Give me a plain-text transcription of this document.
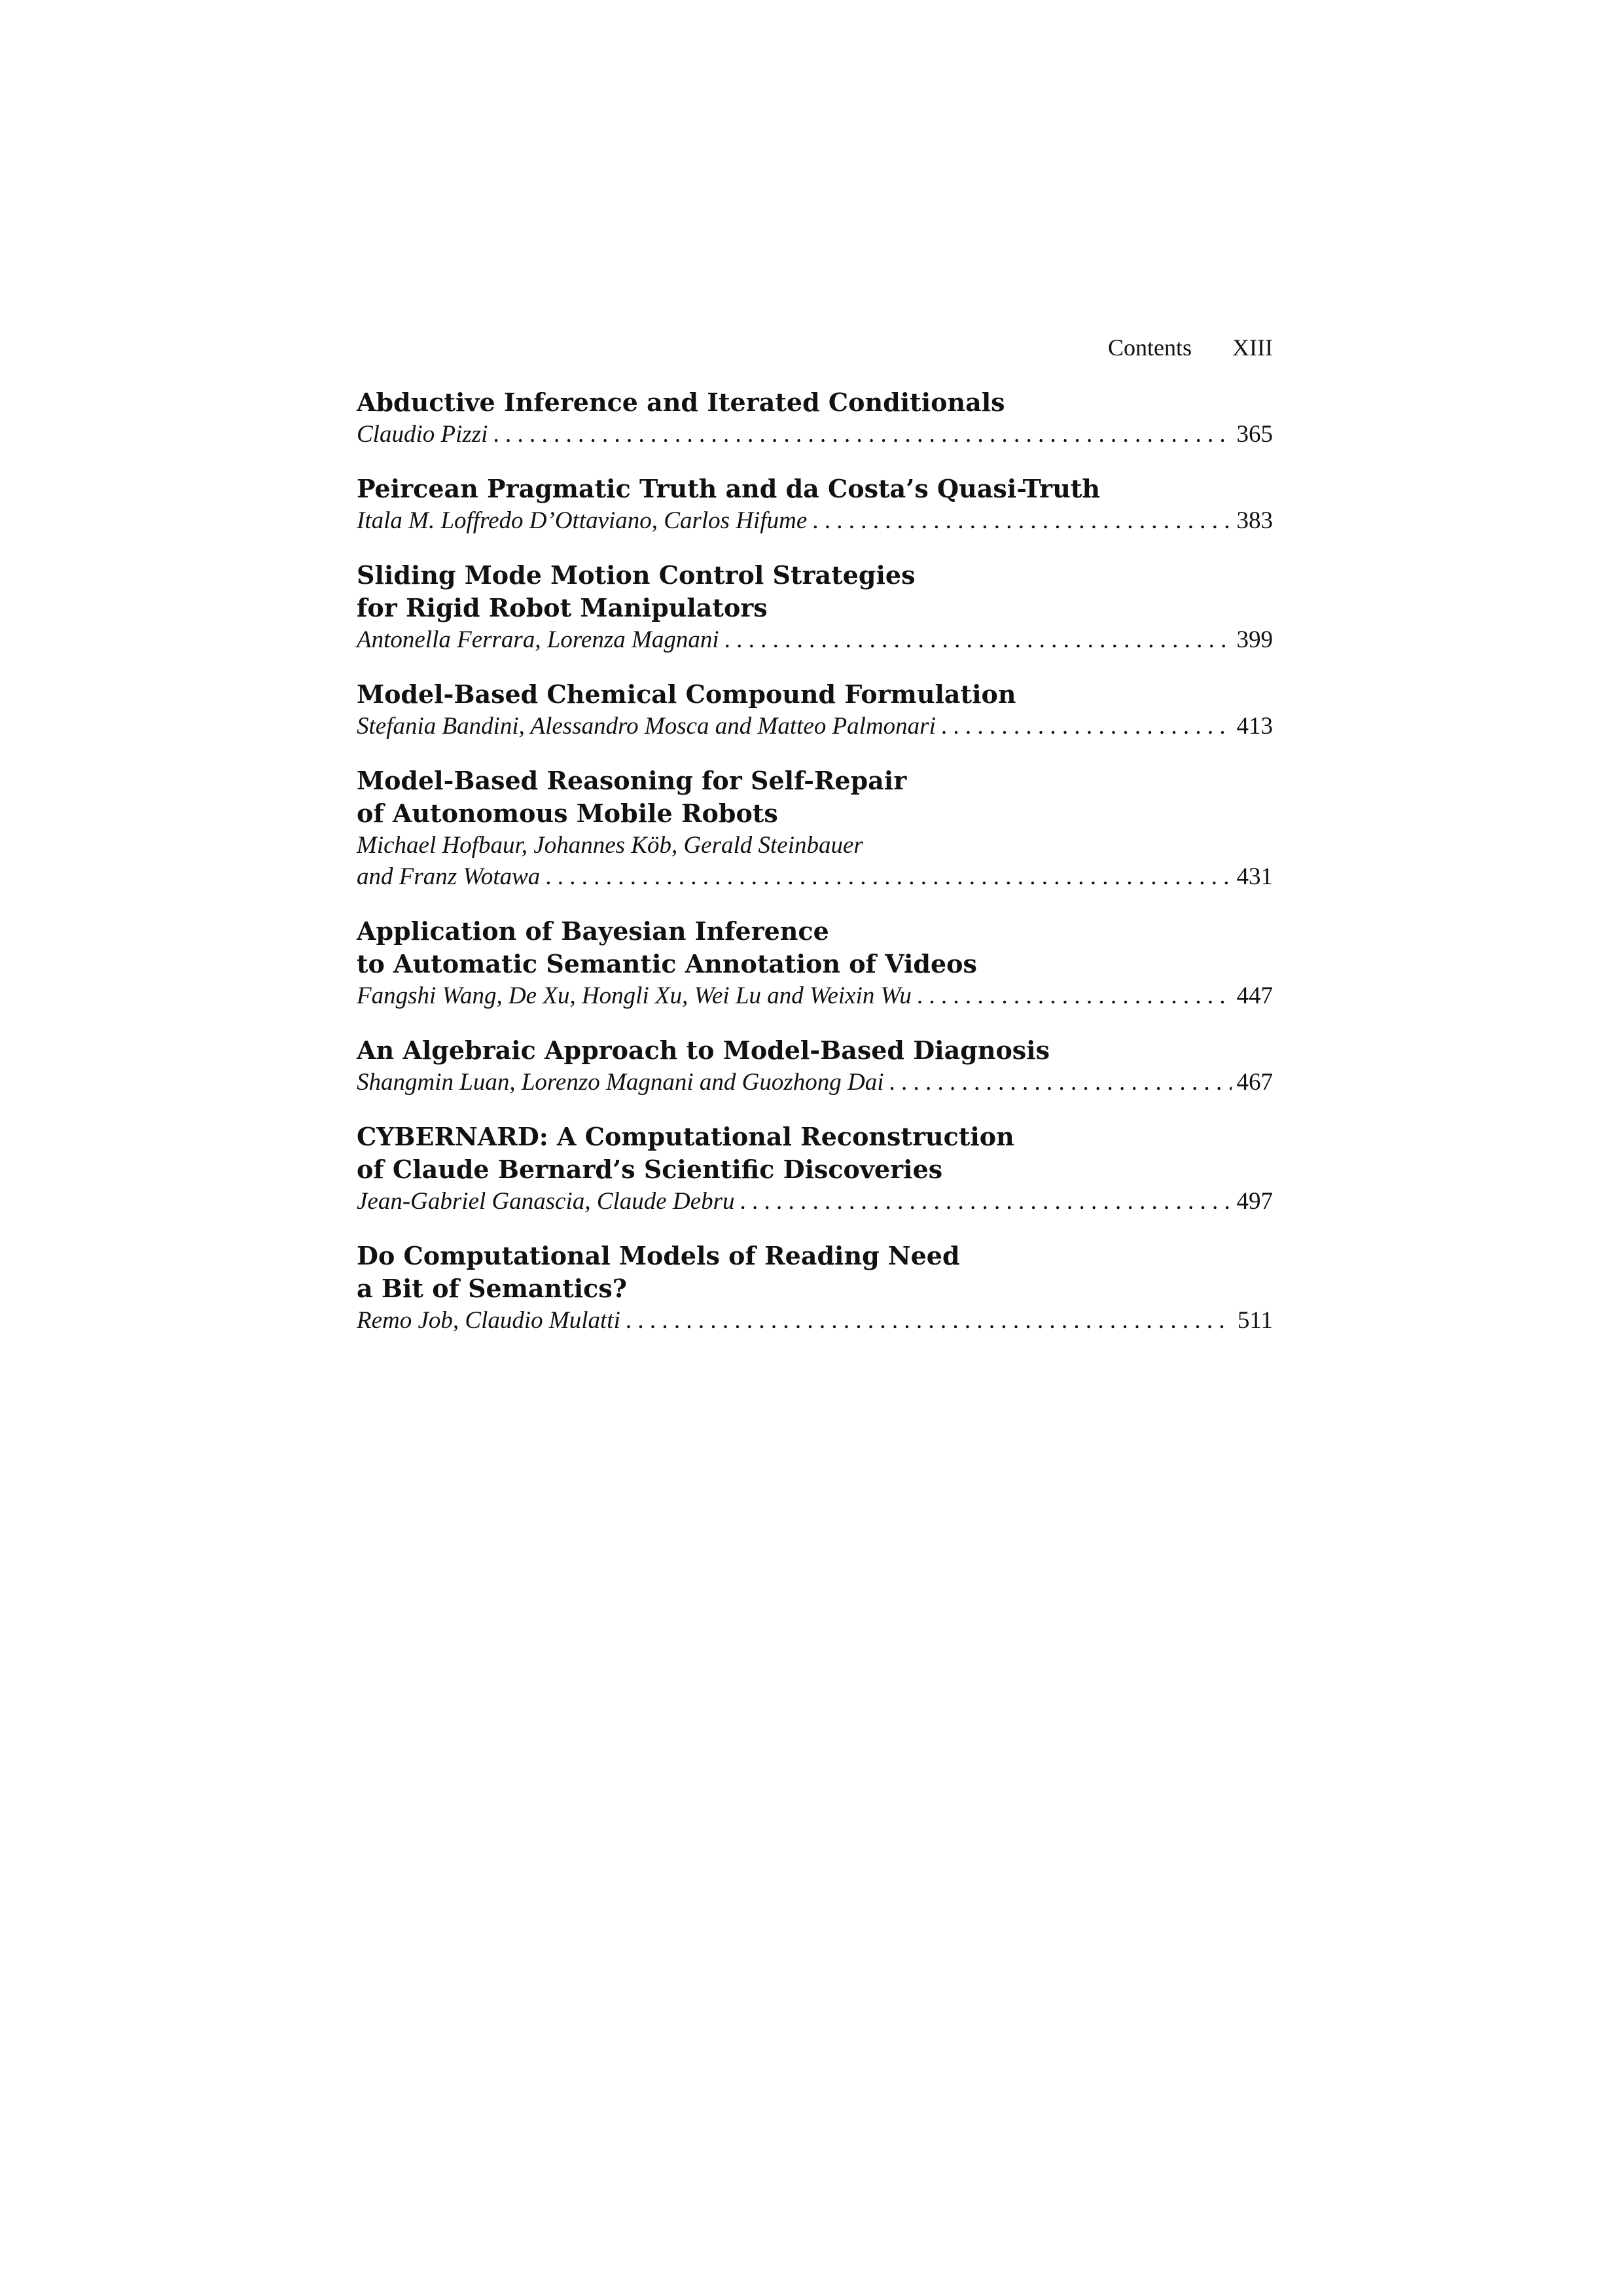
Contents XIII
Abductive Inference and Iterated Conditionals
Claudio Pizzi . . .	365
Peircean Pragmatic Truth and da Costa’s Quasi-Truth
Itala M. Loffredo D’Ottaviano, Carlos Hifume . . .	383
Sliding Mode Motion Control Strategies
for Rigid Robot Manipulators
Antonella Ferrara, Lorenza Magnani . . .	399
Model-Based Chemical Compound Formulation
Stefania Bandini, Alessandro Mosca and Matteo Palmonari . . .	413
Model-Based Reasoning for Self-Repair
of Autonomous Mobile Robots
Michael Hofbaur, Johannes Köb, Gerald Steinbauer
and Franz Wotawa . . .	431
Application of Bayesian Inference
to Automatic Semantic Annotation of Videos
Fangshi Wang, De Xu, Hongli Xu, Wei Lu and Weixin Wu . . .	447
An Algebraic Approach to Model-Based Diagnosis
Shangmin Luan, Lorenzo Magnani and Guozhong Dai . . .	467
CYBERNARD: A Computational Reconstruction
of Claude Bernard’s Scientific Discoveries
Jean-Gabriel Ganascia, Claude Debru . . .	497
Do Computational Models of Reading Need
a Bit of Semantics?
Remo Job, Claudio Mulatti . . .	511
